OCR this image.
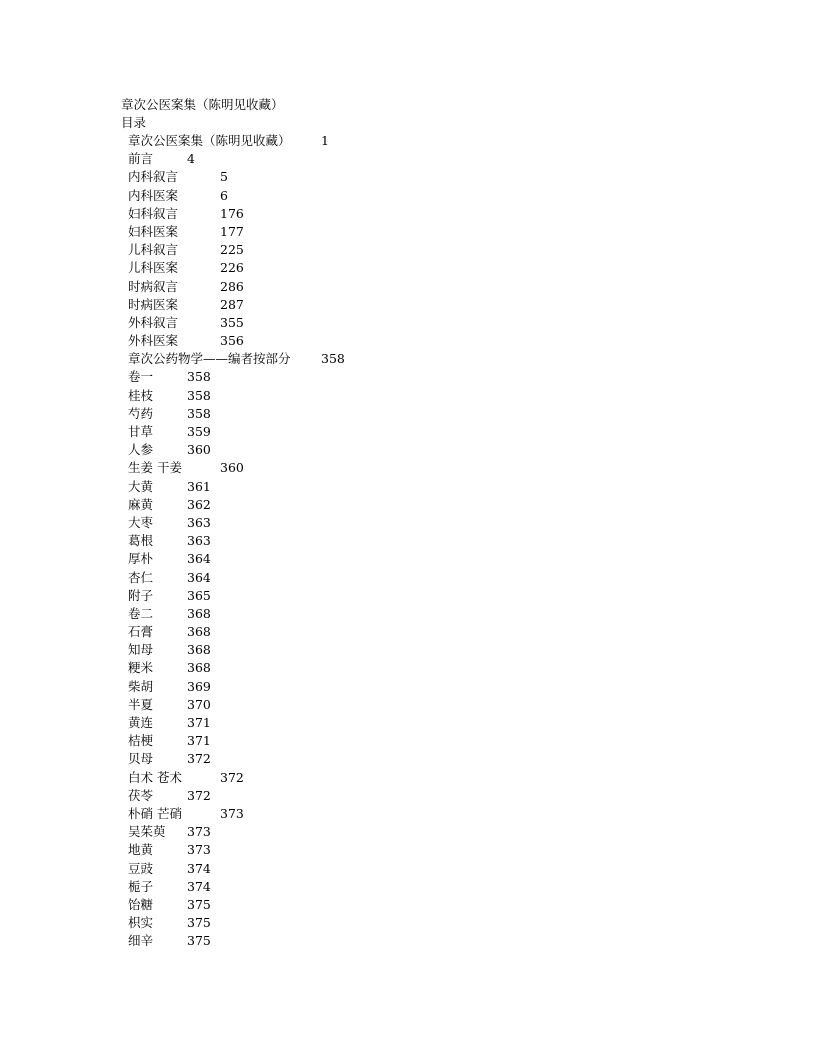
章次公医案集（陈明见收藏）
目录
章次公医案集（陈明见收藏） 1
前言	4
内科叙言	5
内科医案	6
妇科叙言	176
妇科医案	177
儿科叙言	225
儿科医案	226
时病叙言	286
时病医案	287
外科叙言	355
外科医案	356
章次公药物学——编者按部分 358
卷一	358
桂枝	358
芍药	358
甘草	359
人参	360
生姜 干姜	360
大黄	361
麻黄	362
大枣	363
葛根	363
厚朴	364
杏仁	364
附子	365
卷二	368
石膏	368
知母	368
粳米	368
柴胡	369
半夏	370
黄连	371
桔梗	371
贝母	372
白术 苍术	372
茯苓	372
朴硝 芒硝	373
吴茱萸 373
地黄	373
豆豉	374
栀子	374
饴糖	375
枳实	375
细辛	375
